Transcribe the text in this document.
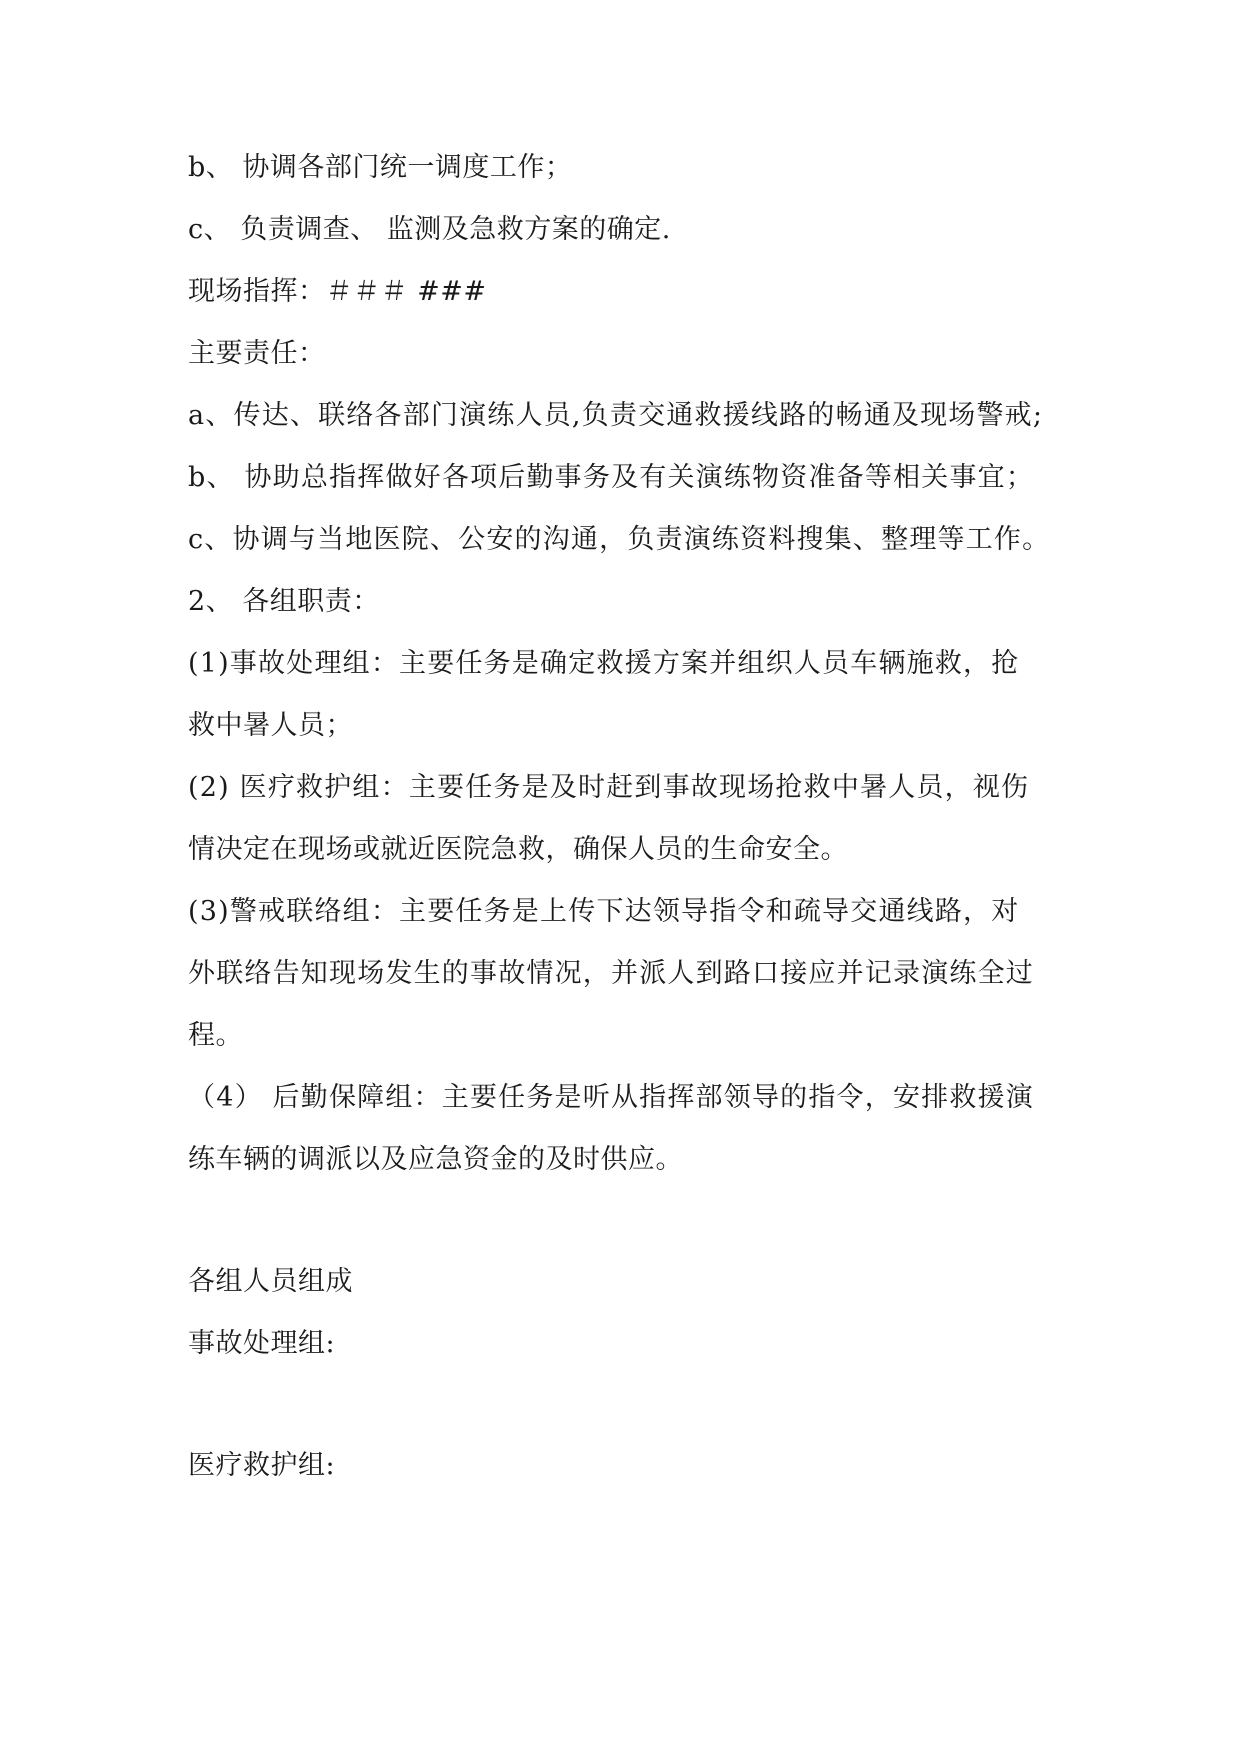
b、 协调各部门统一调度工作；
c、 负责调查、 监测及急救方案的确定.
现场指挥：＃＃＃ ###
主要责任：
a、传达、联络各部门演练人员,负责交通救援线路的畅通及现场警戒;
b、 协助总指挥做好各项后勤事务及有关演练物资准备等相关事宜；
c、协调与当地医院、公安的沟通，负责演练资料搜集、整理等工作。
2、 各组职责：
(1)事故处理组：主要任务是确定救援方案并组织人员车辆施救，抢
救中暑人员；
(2) 医疗救护组：主要任务是及时赶到事故现场抢救中暑人员，视伤
情决定在现场或就近医院急救，确保人员的生命安全。
(3)警戒联络组：主要任务是上传下达领导指令和疏导交通线路，对
外联络告知现场发生的事故情况，并派人到路口接应并记录演练全过
程。
（4） 后勤保障组：主要任务是听从指挥部领导的指令，安排救援演
练车辆的调派以及应急资金的及时供应。
各组人员组成
事故处理组:
医疗救护组:
